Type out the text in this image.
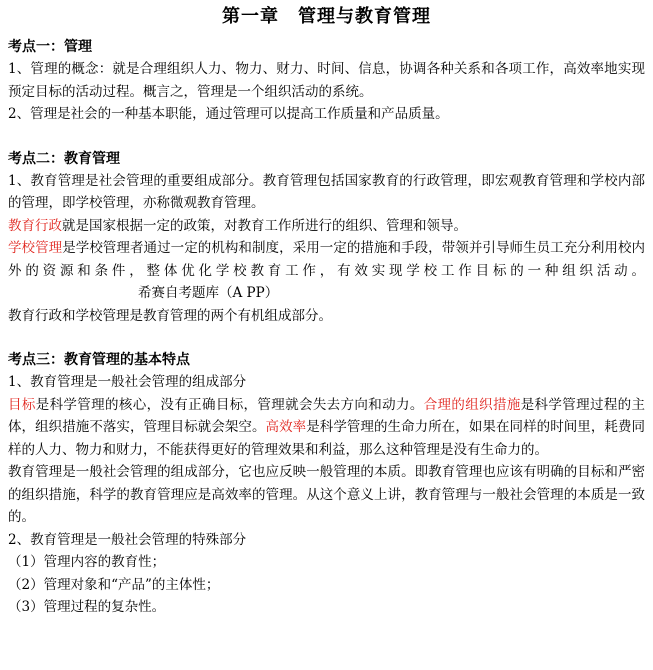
第一章　管理与教育管理
考点一：管理

1、管理的概念：就是合理组织人力、物力、财力、时间、信息，协调各种关系和各项工作，高效率地实现预定目标的活动过程。概言之，管理是一个组织活动的系统。

2、管理是社会的一种基本职能，通过管理可以提高工作质量和产品质量。

考点二：教育管理

1、教育管理是社会管理的重要组成部分。教育管理包括国家教育的行政管理，即宏观教育管理和学校内部的管理，即学校管理，亦称微观教育管理。

教育行政就是国家根据一定的政策，对教育工作所进行的组织、管理和领导。

学校管理是学校管理者通过一定的机构和制度，采用一定的措施和手段，带领并引导师生员工充分利用校内外的资源和条件，整体优化学校教育工作，有效实现学校工作目标的一种组织活动。希赛自考题库（A PP）

教育行政和学校管理是教育管理的两个有机组成部分。

考点三：教育管理的基本特点

1、教育管理是一般社会管理的组成部分

目标是科学管理的核心，没有正确目标，管理就会失去方向和动力。合理的组织措施是科学管理过程的主体，组织措施不落实，管理目标就会架空。高效率是科学管理的生命力所在，如果在同样的时间里，耗费同样的人力、物力和财力，不能获得更好的管理效果和利益，那么这种管理是没有生命力的。

教育管理是一般社会管理的组成部分，它也应反映一般管理的本质。即教育管理也应该有明确的目标和严密的组织措施，科学的教育管理应是高效率的管理。从这个意义上讲，教育管理与一般社会管理的本质是一致的。

2、教育管理是一般社会管理的特殊部分

（1）管理内容的教育性；

（2）管理对象和“产品”的主体性；

（3）管理过程的复杂性。
